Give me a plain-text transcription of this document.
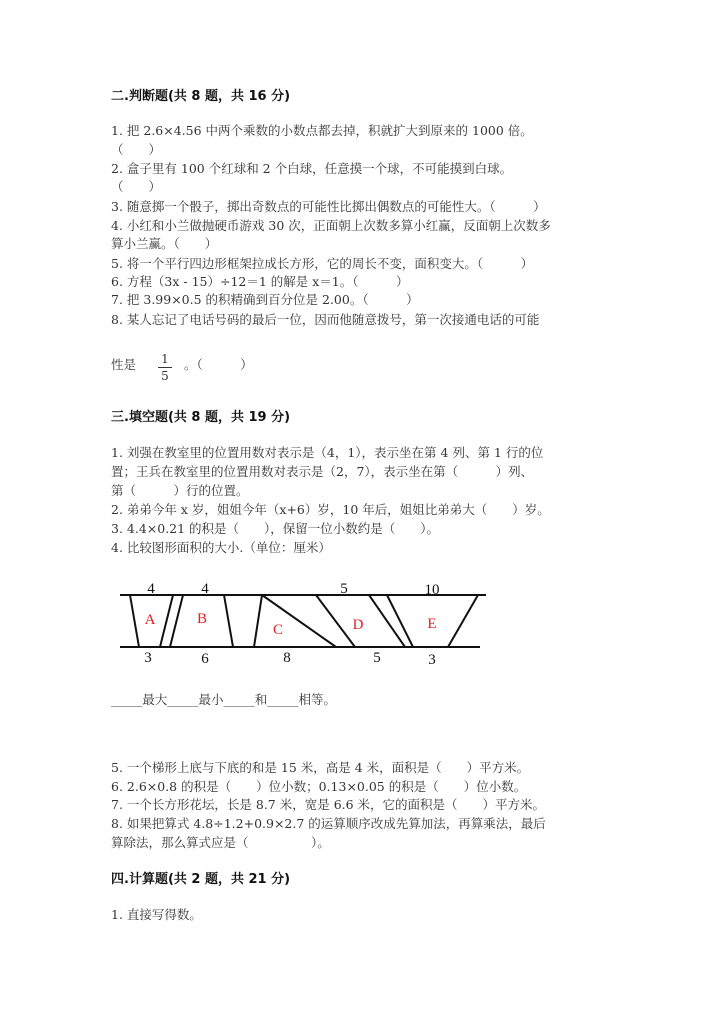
二.判断题(共 8 题，共 16 分)
1. 把 2.6×4.56 中两个乘数的小数点都去掉，积就扩大到原来的 1000 倍。
（　　）
2. 盒子里有 100 个红球和 2 个白球，任意摸一个球，不可能摸到白球。
（　　）
3. 随意掷一个骰子，掷出奇数点的可能性比掷出偶数点的可能性大。（　　　）
4. 小红和小兰做抛硬币游戏 30 次，正面朝上次数多算小红赢，反面朝上次数多
算小兰赢。（　　）
5. 将一个平行四边形框架拉成长方形，它的周长不变，面积变大。（　　　）
6. 方程（3x - 15）÷12＝1 的解是 x＝1。（　　　）
7. 把 3.99×0.5 的积精确到百分位是 2.00。（　　　）
8. 某人忘记了电话号码的最后一位，因而他随意拨号，第一次接通电话的可能
性是 1
5
。（　　　）
三.填空题(共 8 题，共 19 分)
1. 刘强在教室里的位置用数对表示是（4，1），表示坐在第 4 列、第 1 行的位
置；王兵在教室里的位置用数对表示是（2，7），表示坐在第（　　　）列、
第（　　　）行的位置。
2. 弟弟今年 x 岁，姐姐今年（x+6）岁，10 年后，姐姐比弟弟大（　　）岁。
3. 4.4×0.21 的积是（　　），保留一位小数约是（　　）。
4. 比较图形面积的大小.（单位：厘米）
4	4	5	10
3	6	8	5	3
A	B
C	D	E
_____最大_____最小_____和_____相等。
5. 一个梯形上底与下底的和是 15 米，高是 4 米，面积是（　　）平方米。
6. 2.6×0.8 的积是（　　）位小数；0.13×0.05 的积是（　　）位小数。
7. 一个长方形花坛，长是 8.7 米，宽是 6.6 米，它的面积是（　　）平方米。
8. 如果把算式 4.8÷1.2+0.9×2.7 的运算顺序改成先算加法，再算乘法，最后
算除法，那么算式应是（　　　　　）。
四.计算题(共 2 题，共 21 分)
1. 直接写得数。
